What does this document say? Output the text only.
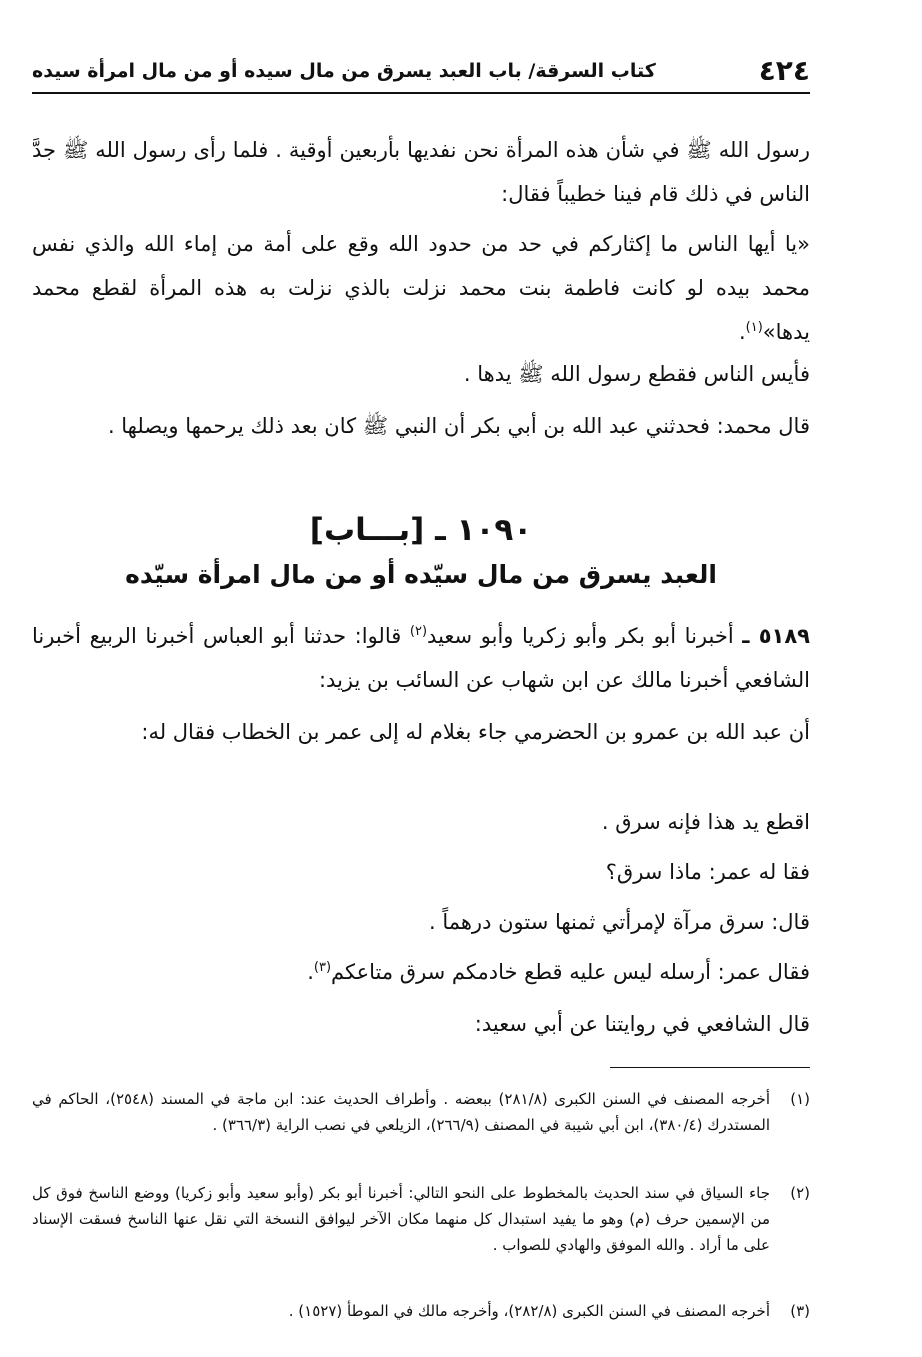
٤٢٤
كتاب السرقة/ باب العبد يسرق من مال سيده أو من مال امرأة سيده
رسول الله ﷺ في شأن هذه المرأة نحن نفديها بأربعين أوقية . فلما رأى رسول الله ﷺ جدَّ الناس في ذلك قام فينا خطيباً فقال:
«يا أيها الناس ما إكثاركم في حد من حدود الله وقع على أمة من إماء الله والذي نفس محمد بيده لو كانت فاطمة بنت محمد نزلت بالذي نزلت به هذه المرأة لقطع محمد يدها»$^{(١)}$.
فأيس الناس فقطع رسول الله ﷺ يدها .
قال محمد: فحدثني عبد الله بن أبي بكر أن النبي ﷺ كان بعد ذلك يرحمها ويصلها .
١٠٩٠ ـ [بـــاب]
العبد يسرق من مال سيّده أو من مال امرأة سيّده
٥١٨٩ ـ أخبرنا أبو بكر وأبو زكريا وأبو سعيد$^{(٢)}$ قالوا: حدثنا أبو العباس أخبرنا الربيع أخبرنا الشافعي أخبرنا مالك عن ابن شهاب عن السائب بن يزيد:
أن عبد الله بن عمرو بن الحضرمي جاء بغلام له إلى عمر بن الخطاب فقال له:
اقطع يد هذا فإنه سرق .
فقا له عمر: ماذا سرق؟
قال: سرق مرآة لإمرأتي ثمنها ستون درهماً .
فقال عمر: أرسله ليس عليه قطع خادمكم سرق متاعكم$^{(٣)}$.
قال الشافعي في روايتنا عن أبي سعيد:
(١)
أخرجه المصنف في السنن الكبرى (٢٨١/٨) ببعضه . وأطراف الحديث عند: ابن ماجة في المسند (٢٥٤٨)، الحاكم في المستدرك (٣٨٠/٤)، ابن أبي شيبة في المصنف (٢٦٦/٩)، الزيلعي في نصب الراية (٣٦٦/٣) .
(٢)
جاء السياق في سند الحديث بالمخطوط على النحو التالي: أخبرنا أبو بكر (وأبو سعيد وأبو زكريا) ووضع الناسخ فوق كل من الإسمين حرف (م) وهو ما يفيد استبدال كل منهما مكان الآخر ليوافق النسخة التي نقل عنها الناسخ فسقت الإسناد على ما أراد . والله الموفق والهادي للصواب .
(٣)
أخرجه المصنف في السنن الكبرى (٢٨٢/٨)، وأخرجه مالك في الموطأ (١٥٢٧) .
